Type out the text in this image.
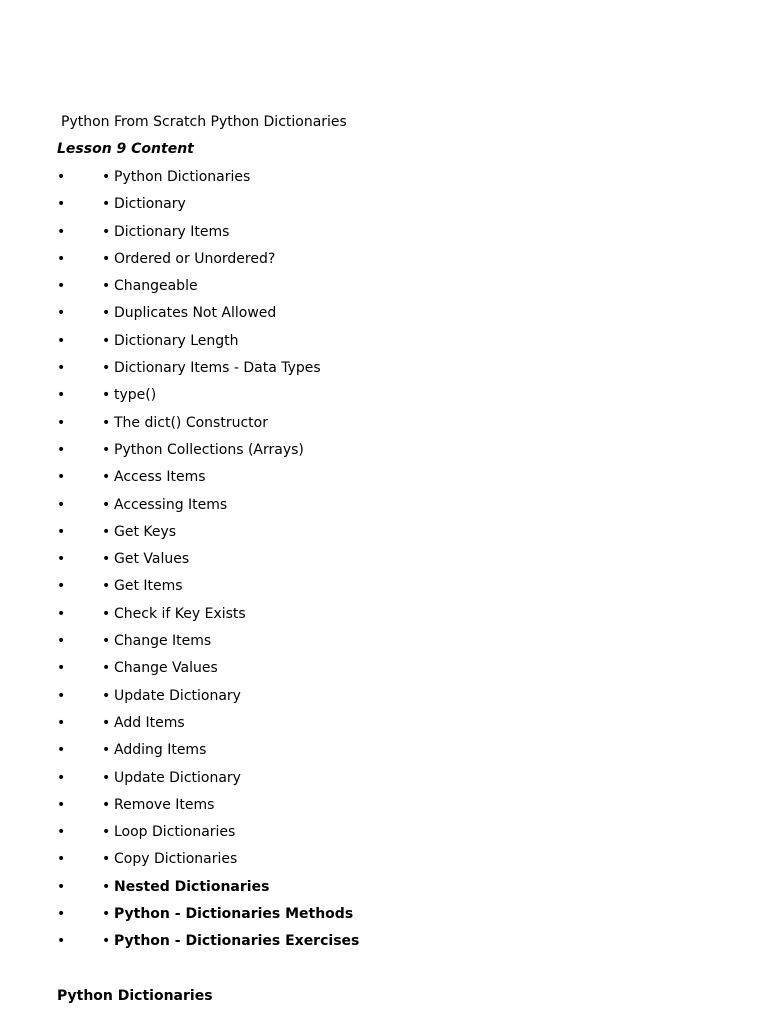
Python From Scratch Python Dictionaries
Lesson 9 Content
•	• Python Dictionaries
•	• Dictionary
•	• Dictionary Items
•	• Ordered or Unordered?
•	• Changeable
•	• Duplicates Not Allowed
•	• Dictionary Length
•	• Dictionary Items - Data Types
•	• type()
•	• The dict() Constructor
•	• Python Collections (Arrays)
•	• Access Items
•	• Accessing Items
•	• Get Keys
•	• Get Values
•	• Get Items
•	• Check if Key Exists
•	• Change Items
•	• Change Values
•	• Update Dictionary
•	• Add Items
•	• Adding Items
•	• Update Dictionary
•	• Remove Items
•	• Loop Dictionaries
•	• Copy Dictionaries
•	• Nested Dictionaries
•	• Python - Dictionaries Methods
•	• Python - Dictionaries Exercises
Python Dictionaries
